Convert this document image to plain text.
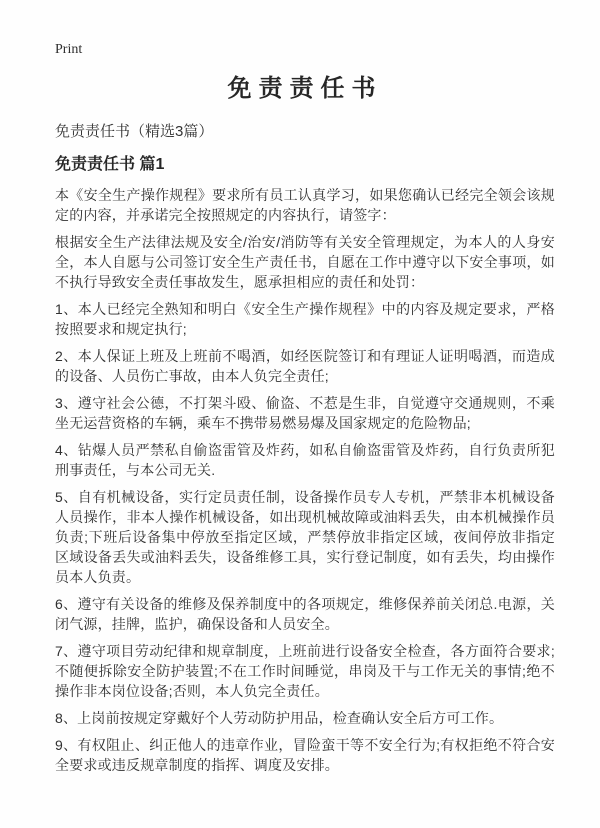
Print
免责责任书

免责责任书（精选3篇）

免责责任书 篇1

本《安全生产操作规程》要求所有员工认真学习，如果您确认已经完全领会该规定的内容，并承诺完全按照规定的内容执行，请签字：

根据安全生产法律法规及安全/治安/消防等有关安全管理规定，为本人的人身安全，本人自愿与公司签订安全生产责任书，自愿在工作中遵守以下安全事项，如不执行导致安全责任事故发生，愿承担相应的责任和处罚：

1、本人已经完全熟知和明白《安全生产操作规程》中的内容及规定要求，严格按照要求和规定执行;

2、本人保证上班及上班前不喝酒，如经医院签订和有理证人证明喝酒，而造成的设备、人员伤亡事故，由本人负完全责任;

3、遵守社会公德，不打架斗殴、偷盗、不惹是生非，自觉遵守交通规则，不乘坐无运营资格的车辆，乘车不携带易燃易爆及国家规定的危险物品;

4、钻爆人员严禁私自偷盗雷管及炸药，如私自偷盗雷管及炸药，自行负责所犯刑事责任，与本公司无关.

5、自有机械设备，实行定员责任制，设备操作员专人专机，严禁非本机械设备人员操作，非本人操作机械设备，如出现机械故障或油料丢失，由本机械操作员负责;下班后设备集中停放至指定区域，严禁停放非指定区域，夜间停放非指定区域设备丢失或油料丢失，设备维修工具，实行登记制度，如有丢失，均由操作员本人负责。

6、遵守有关设备的维修及保养制度中的各项规定，维修保养前关闭总.电源，关闭气源，挂牌，监护，确保设备和人员安全。

7、遵守项目劳动纪律和规章制度，上班前进行设备安全检查，各方面符合要求;不随便拆除安全防护装置;不在工作时间睡觉，串岗及干与工作无关的事情;绝不操作非本岗位设备;否则，本人负完全责任。

8、上岗前按规定穿戴好个人劳动防护用品，检查确认安全后方可工作。

9、有权阻止、纠正他人的违章作业，冒险蛮干等不安全行为;有权拒绝不符合安全要求或违反规章制度的指挥、调度及安排。
